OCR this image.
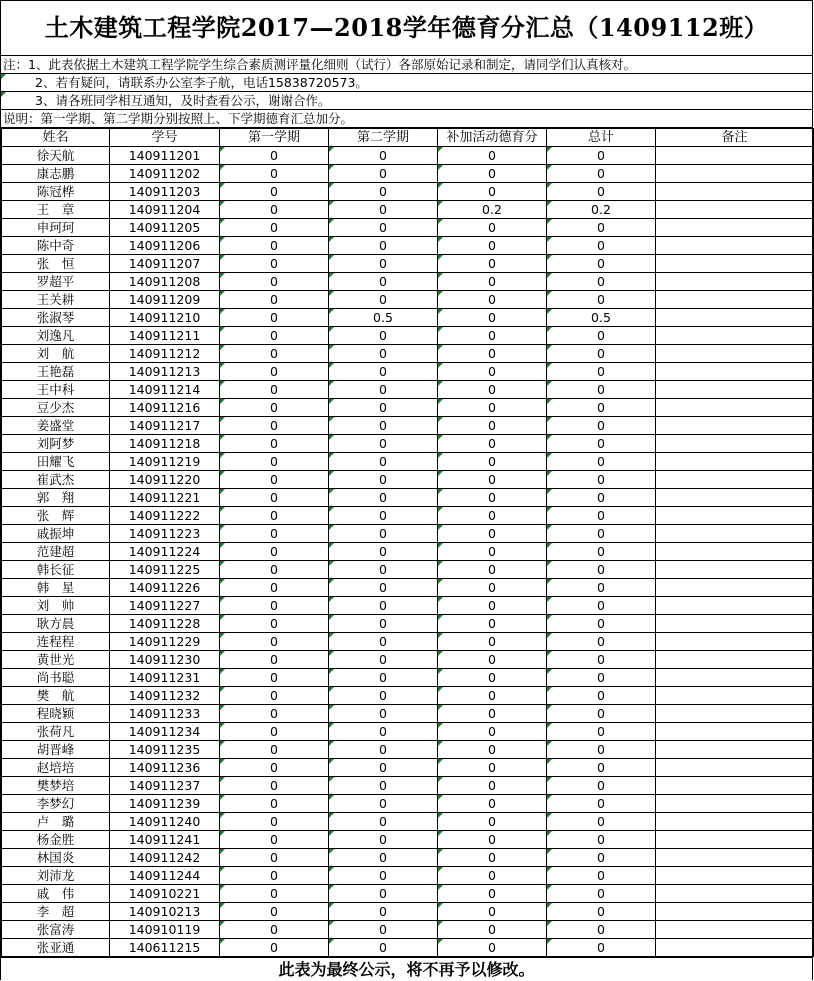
土木建筑工程学院2017—2018学年德育分汇总（1409112班）
注：1、此表依据土木建筑工程学院学生综合素质测评量化细则（试行）各部原始记录和制定，请同学们认真核对。
2、若有疑问，请联系办公室李子航，电话15838720573。
3、请各班同学相互通知，及时查看公示，谢谢合作。
说明：第一学期、第二学期分别按照上、下学期德育汇总加分。
姓名	学号	第一学期	第二学期	补加活动德育分	总计	备注
徐天航	140911201	0	0	0	0	
康志鹏	140911202	0	0	0	0	
陈冠桦	140911203	0	0	0	0	
王　章	140911204	0	0	0.2	0.2	
申珂珂	140911205	0	0	0	0	
陈中奇	140911206	0	0	0	0	
张　恒	140911207	0	0	0	0	
罗超平	140911208	0	0	0	0	
王关耕	140911209	0	0	0	0	
张淑琴	140911210	0	0.5	0	0.5	
刘逸凡	140911211	0	0	0	0	
刘　航	140911212	0	0	0	0	
王艳磊	140911213	0	0	0	0	
王中科	140911214	0	0	0	0	
豆少杰	140911216	0	0	0	0	
姜盛堂	140911217	0	0	0	0	
刘阿梦	140911218	0	0	0	0	
田耀飞	140911219	0	0	0	0	
崔武杰	140911220	0	0	0	0	
郭　翔	140911221	0	0	0	0	
张　辉	140911222	0	0	0	0	
戚振坤	140911223	0	0	0	0	
范建超	140911224	0	0	0	0	
韩长征	140911225	0	0	0	0	
韩　星	140911226	0	0	0	0	
刘　帅	140911227	0	0	0	0	
耿方晨	140911228	0	0	0	0	
连程程	140911229	0	0	0	0	
黄世光	140911230	0	0	0	0	
尚书聪	140911231	0	0	0	0	
樊　航	140911232	0	0	0	0	
程晓颖	140911233	0	0	0	0	
张荷凡	140911234	0	0	0	0	
胡晋峰	140911235	0	0	0	0	
赵培培	140911236	0	0	0	0	
樊梦培	140911237	0	0	0	0	
李梦幻	140911239	0	0	0	0	
卢　璐	140911240	0	0	0	0	
杨金胜	140911241	0	0	0	0	
林国炎	140911242	0	0	0	0	
刘沛龙	140911244	0	0	0	0	
戚　伟	140910221	0	0	0	0	
李　超	140910213	0	0	0	0	
张富涛	140910119	0	0	0	0	
张亚通	140611215	0	0	0	0	
此表为最终公示，将不再予以修改。
